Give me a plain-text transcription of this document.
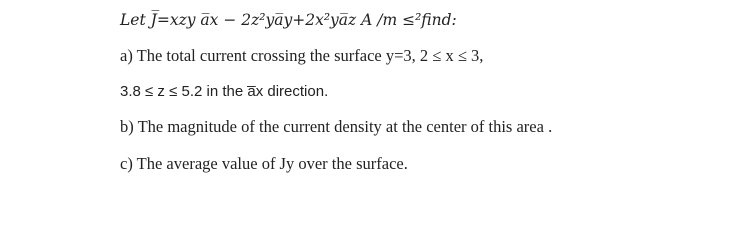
Let J̅=xzy a̅x − 2z²ya̅y+2x²ya̅z A /m ≤²find:
a) The total current crossing the surface y=3, 2 ≤ x ≤ 3,
3.8 ≤ z ≤ 5.2 in the a̅x direction.
b) The magnitude of the current density at the center of this area .
c) The average value of Jy over the surface.
